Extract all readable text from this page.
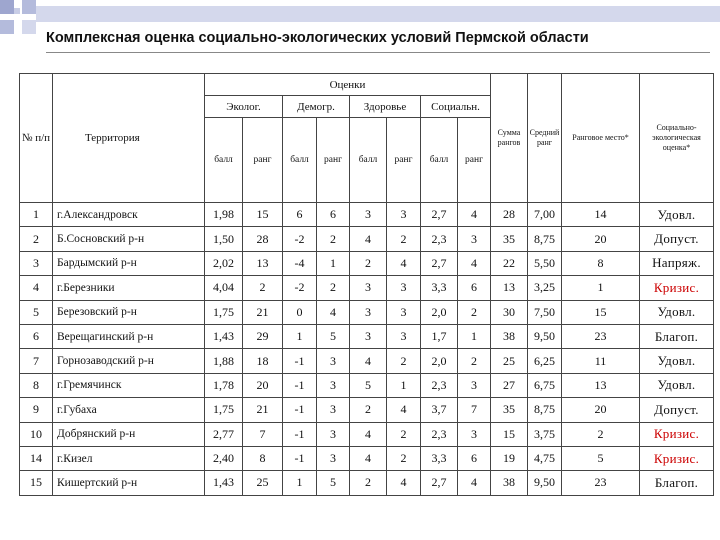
Комплексная оценка социально-экологических условий Пермской области
№ п/п	Территория	Оценки								Сумма рангов	Средний ранг	Ранговое место*	Социально-экологическая оценка*
		Эколог.		Демогр.		Здоровье		Социальн.					
		балл	ранг	балл	ранг	балл	ранг	балл	ранг				
1	г.Александровск	1,98	15	6	6	3	3	2,7	4	28	7,00	14	Удовл.
2	Б.Сосновский р-н	1,50	28	-2	2	4	2	2,3	3	35	8,75	20	Допуст.
3	Бардымский р-н	2,02	13	-4	1	2	4	2,7	4	22	5,50	8	Напряж.
4	г.Березники	4,04	2	-2	2	3	3	3,3	6	13	3,25	1	Кризис.
5	Березовский р-н	1,75	21	0	4	3	3	2,0	2	30	7,50	15	Удовл.
6	Верещагинский р-н	1,43	29	1	5	3	3	1,7	1	38	9,50	23	Благоп.
7	Горнозаводский р-н	1,88	18	-1	3	4	2	2,0	2	25	6,25	11	Удовл.
8	г.Гремячинск	1,78	20	-1	3	5	1	2,3	3	27	6,75	13	Удовл.
9	г.Губаха	1,75	21	-1	3	2	4	3,7	7	35	8,75	20	Допуст.
10	Добрянский р-н	2,77	7	-1	3	4	2	2,3	3	15	3,75	2	Кризис.
14	г.Кизел	2,40	8	-1	3	4	2	3,3	6	19	4,75	5	Кризис.
15	Кишертский р-н	1,43	25	1	5	2	4	2,7	4	38	9,50	23	Благоп.
